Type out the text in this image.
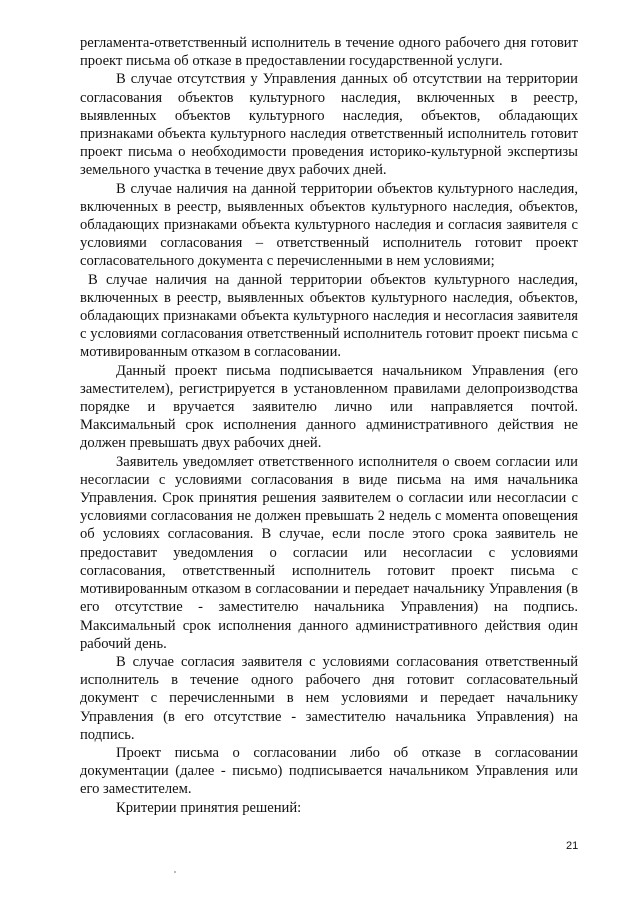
регламента-ответственный исполнитель в течение одного рабочего дня готовит проект письма об отказе в предоставлении государственной услуги.

В случае отсутствия у Управления данных об отсутствии на территории согласования объектов культурного наследия, включенных в реестр, выявленных объектов культурного наследия, объектов, обладающих признаками объекта культурного наследия ответственный исполнитель готовит проект письма о необходимости проведения историко-культурной экспертизы земельного участка в течение двух рабочих дней.

В случае наличия на данной территории объектов культурного наследия, включенных в реестр, выявленных объектов культурного наследия, объектов, обладающих признаками объекта культурного наследия и согласия заявителя с условиями согласования – ответственный исполнитель готовит проект согласовательного документа с перечисленными в нем условиями;

В случае наличия на данной территории объектов культурного наследия, включенных в реестр, выявленных объектов культурного наследия, объектов, обладающих признаками объекта культурного наследия и несогласия заявителя с условиями согласования ответственный исполнитель готовит проект письма с мотивированным отказом в согласовании.

Данный проект письма подписывается начальником Управления (его заместителем), регистрируется в установленном правилами делопроизводства порядке и вручается заявителю лично или направляется почтой. Максимальный срок исполнения данного административного действия не должен превышать двух рабочих дней.

Заявитель уведомляет ответственного исполнителя о своем согласии или несогласии с условиями согласования в виде письма на имя начальника Управления. Срок принятия решения заявителем о согласии или несогласии с условиями согласования не должен превышать 2 недель с момента оповещения об условиях согласования. В случае, если после этого срока заявитель не предоставит уведомления о согласии или несогласии с условиями согласования, ответственный исполнитель готовит проект письма с мотивированным отказом в согласовании и передает начальнику Управления (в его отсутствие - заместителю начальника Управления) на подпись. Максимальный срок исполнения данного административного действия один рабочий день.

В случае согласия заявителя с условиями согласования ответственный исполнитель в течение одного рабочего дня готовит согласовательный документ с перечисленными в нем условиями и передает начальнику Управления (в его отсутствие - заместителю начальника Управления) на подпись.

Проект письма о согласовании либо об отказе в согласовании документации (далее - письмо) подписывается начальником Управления или его заместителем.

Критерии принятия решений:

21
